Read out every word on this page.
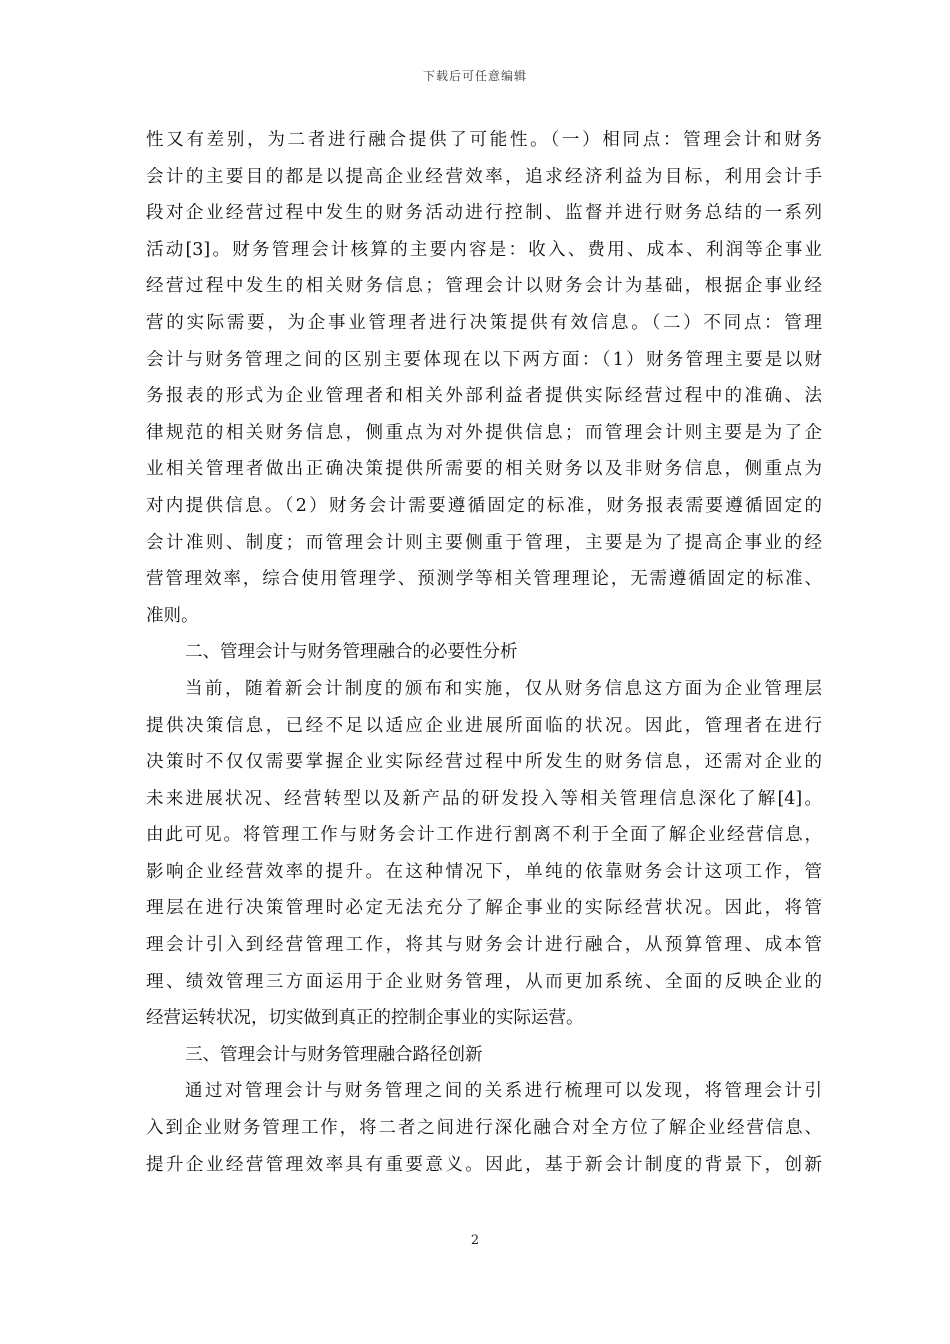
下载后可任意编辑
性又有差别，为二者进行融合提供了可能性。（一）相同点：管理会计和财务
会计的主要目的都是以提高企业经营效率，追求经济利益为目标，利用会计手
段对企业经营过程中发生的财务活动进行控制、监督并进行财务总结的一系列
活动[3]。财务管理会计核算的主要内容是：收入、费用、成本、利润等企事业
经营过程中发生的相关财务信息；管理会计以财务会计为基础，根据企事业经
营的实际需要，为企事业管理者进行决策提供有效信息。（二）不同点：管理
会计与财务管理之间的区别主要体现在以下两方面：（1）财务管理主要是以财
务报表的形式为企业管理者和相关外部利益者提供实际经营过程中的准确、法
律规范的相关财务信息，侧重点为对外提供信息；而管理会计则主要是为了企
业相关管理者做出正确决策提供所需要的相关财务以及非财务信息，侧重点为
对内提供信息。（2）财务会计需要遵循固定的标准，财务报表需要遵循固定的
会计准则、制度；而管理会计则主要侧重于管理，主要是为了提高企事业的经
营管理效率，综合使用管理学、预测学等相关管理理论，无需遵循固定的标准、
准则。
二、管理会计与财务管理融合的必要性分析
当前，随着新会计制度的颁布和实施，仅从财务信息这方面为企业管理层
提供决策信息，已经不足以适应企业进展所面临的状况。因此，管理者在进行
决策时不仅仅需要掌握企业实际经营过程中所发生的财务信息，还需对企业的
未来进展状况、经营转型以及新产品的研发投入等相关管理信息深化了解[4]。
由此可见。将管理工作与财务会计工作进行割离不利于全面了解企业经营信息，
影响企业经营效率的提升。在这种情况下，单纯的依靠财务会计这项工作，管
理层在进行决策管理时必定无法充分了解企事业的实际经营状况。因此，将管
理会计引入到经营管理工作，将其与财务会计进行融合，从预算管理、成本管
理、绩效管理三方面运用于企业财务管理，从而更加系统、全面的反映企业的
经营运转状况，切实做到真正的控制企事业的实际运营。
三、管理会计与财务管理融合路径创新
通过对管理会计与财务管理之间的关系进行梳理可以发现，将管理会计引
入到企业财务管理工作，将二者之间进行深化融合对全方位了解企业经营信息、
提升企业经营管理效率具有重要意义。因此，基于新会计制度的背景下，创新
2
